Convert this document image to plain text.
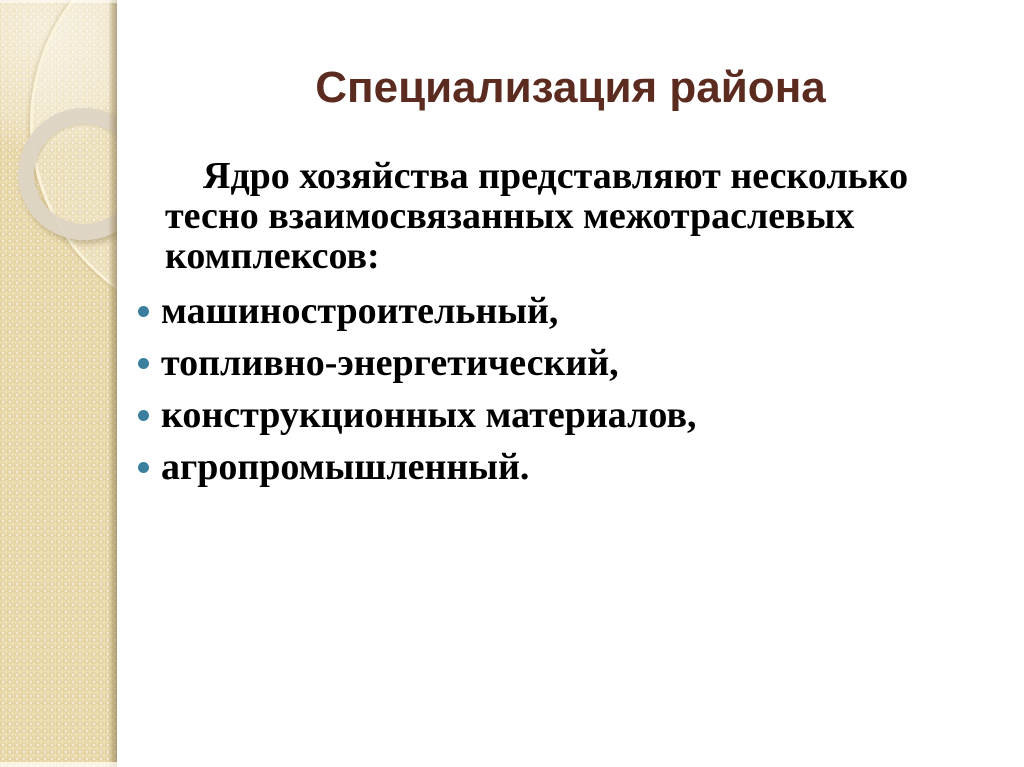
Специализация района

Ядро хозяйства представляют несколько тесно взаимосвязанных межотраслевых комплексов:

машиностроительный,
топливно-энергетический,
конструкционных материалов,
агропромышленный.
